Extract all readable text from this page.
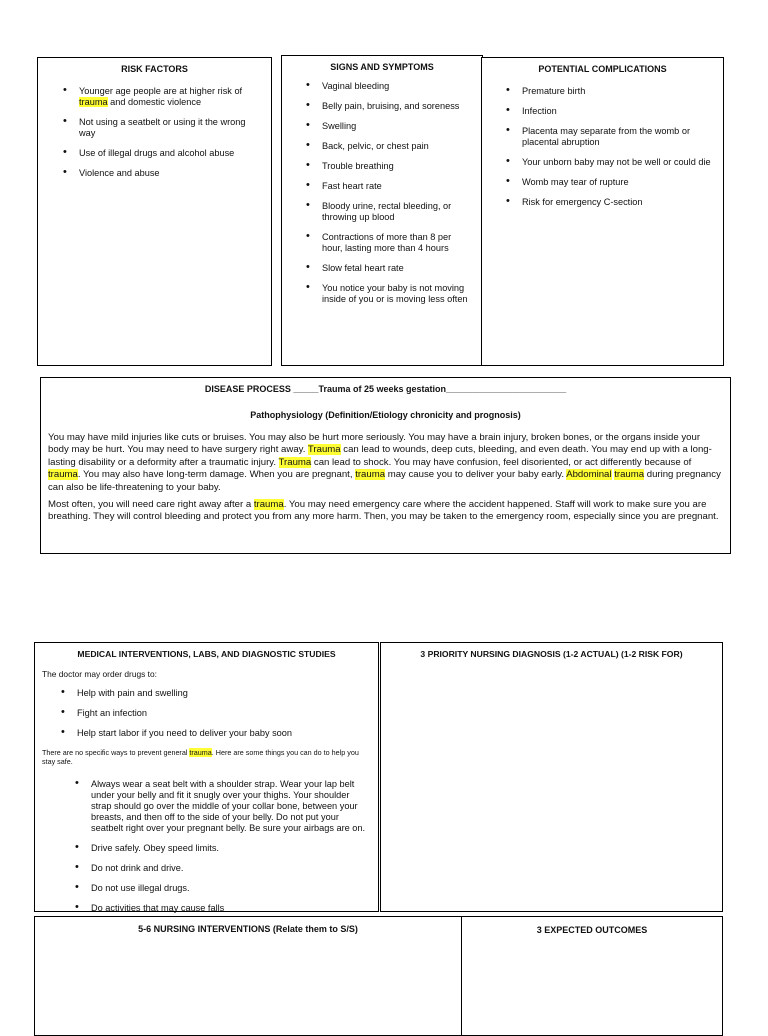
RISK FACTORS
• Younger age people are at higher risk of trauma and domestic violence
• Not using a seatbelt or using it the wrong way
• Use of illegal drugs and alcohol abuse
• Violence and abuse
SIGNS AND SYMPTOMS
• Vaginal bleeding
• Belly pain, bruising, and soreness
• Swelling
• Back, pelvic, or chest pain
• Trouble breathing
• Fast heart rate
• Bloody urine, rectal bleeding, or throwing up blood
• Contractions of more than 8 per hour, lasting more than 4 hours
• Slow fetal heart rate
• You notice your baby is not moving inside of you or is moving less often
POTENTIAL COMPLICATIONS
• Premature birth
• Infection
• Placenta may separate from the womb or placental abruption
• Your unborn baby may not be well or could die
• Womb may tear of rupture
• Risk for emergency C-section
DISEASE PROCESS _____Trauma of 25 weeks gestation________________________
Pathophysiology (Definition/Etiology chronicity and prognosis)

You may have mild injuries like cuts or bruises. You may also be hurt more seriously. You may have a brain injury, broken bones, or the organs inside your body may be hurt. You may need to have surgery right away. Trauma can lead to wounds, deep cuts, bleeding, and even death. You may end up with a long-lasting disability or a deformity after a traumatic injury. Trauma can lead to shock. You may have confusion, feel disoriented, or act differently because of trauma. You may also have long-term damage. When you are pregnant, trauma may cause you to deliver your baby early. Abdominal trauma during pregnancy can also be life-threatening to your baby.

Most often, you will need care right away after a trauma. You may need emergency care where the accident happened. Staff will work to make sure you are breathing. They will control bleeding and protect you from any more harm. Then, you may be taken to the emergency room, especially since you are pregnant.

MEDICAL INTERVENTIONS, LABS, AND DIAGNOSTIC STUDIES
The doctor may order drugs to:
• Help with pain and swelling
• Fight an infection
• Help start labor if you need to deliver your baby soon
There are no specific ways to prevent general trauma. Here are some things you can do to help you stay safe.
• Always wear a seat belt with a shoulder strap. Wear your lap belt under your belly and fit it snugly over your thighs. Your shoulder strap should go over the middle of your collar bone, between your breasts, and then off to the side of your belly. Do not put your seatbelt right over your pregnant belly. Be sure your airbags are on.
• Drive safely. Obey speed limits.
• Do not drink and drive.
• Do not use illegal drugs.
• Do activities that may cause falls
3 PRIORITY NURSING DIAGNOSIS (1-2 ACTUAL) (1-2 RISK FOR)
5-6 NURSING INTERVENTIONS (Relate them to S/S)	3 EXPECTED OUTCOMES
